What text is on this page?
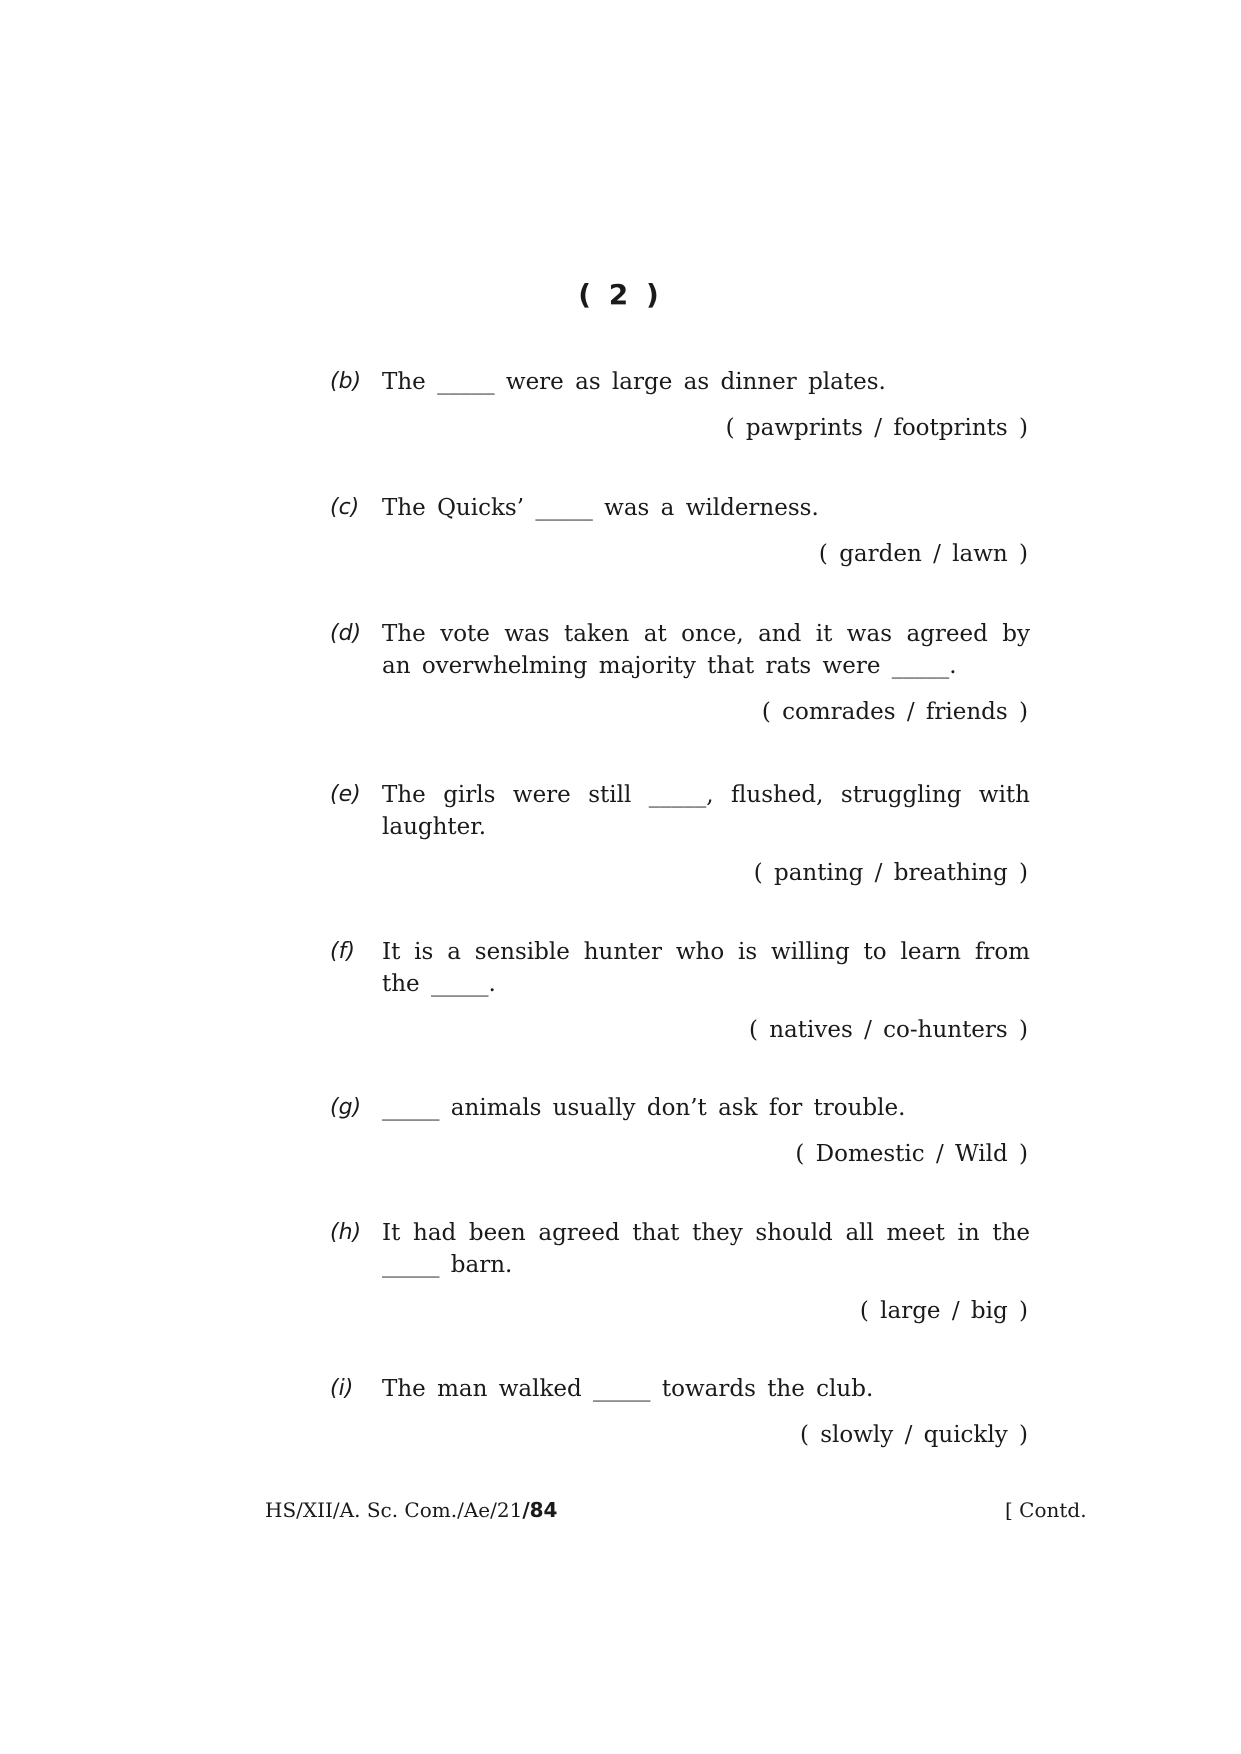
( 2 )
(b) The _____ were as large as dinner plates.
( pawprints / footprints )
(c) The Quicks’ _____ was a wilderness.
( garden / lawn )
(d) The vote was taken at once, and it was agreed by an overwhelming majority that rats were _____.
( comrades / friends )
(e) The girls were still _____, flushed, struggling with laughter.
( panting / breathing )
(f) It is a sensible hunter who is willing to learn from the _____.
( natives / co-hunters )
(g) _____ animals usually don’t ask for trouble.
( Domestic / Wild )
(h) It had been agreed that they should all meet in the _____ barn.
( large / big )
(i) The man walked _____ towards the club.
( slowly / quickly )
HS/XII/A. Sc. Com./Ae/21/84	[ Contd.
